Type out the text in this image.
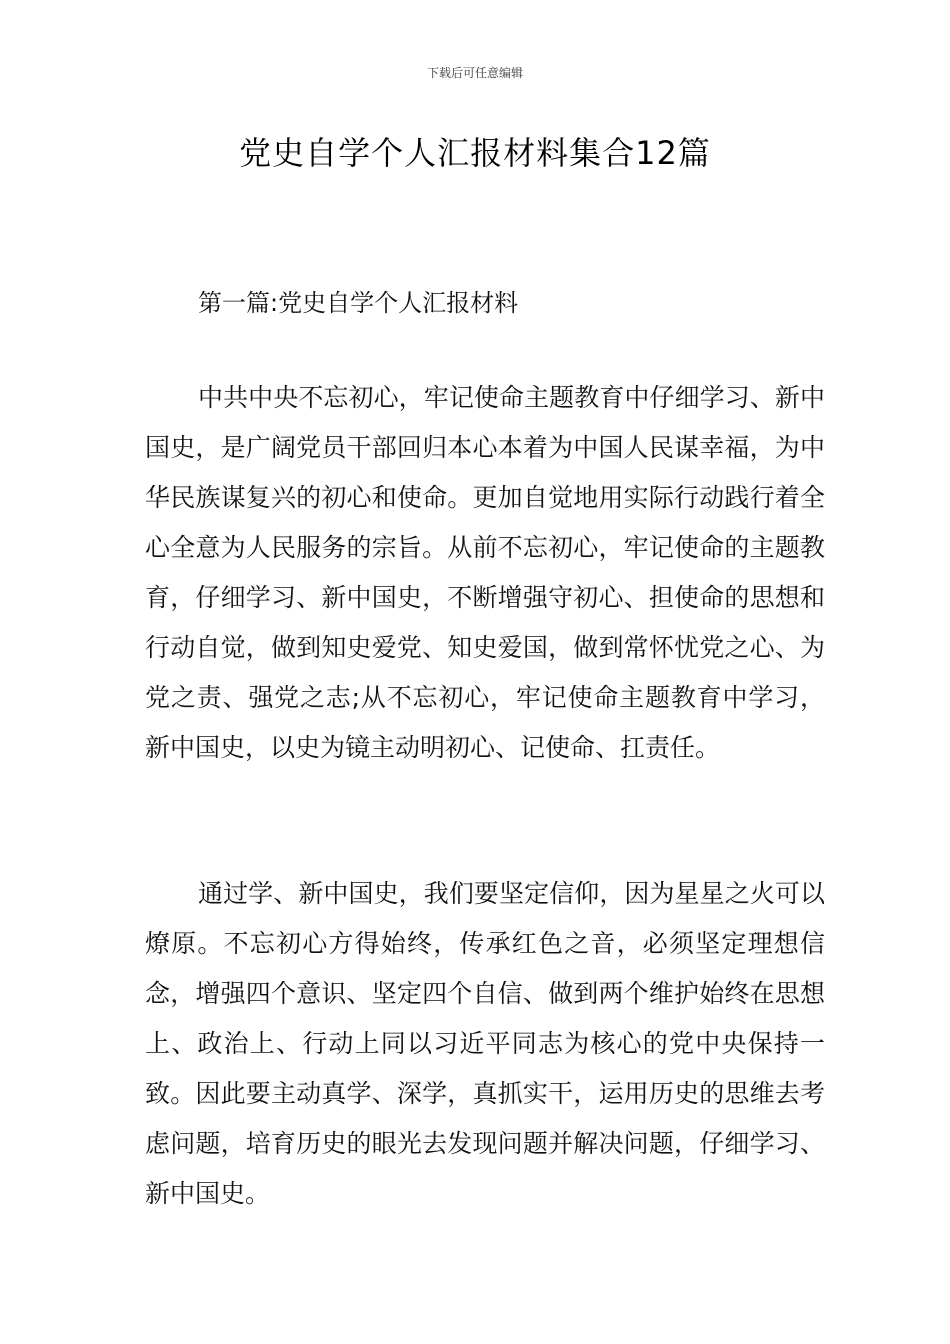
下载后可任意编辑
党史自学个人汇报材料集合12篇
第一篇:党史自学个人汇报材料

中共中央不忘初心，牢记使命主题教育中仔细学习、新中国史，是广阔党员干部回归本心本着为中国人民谋幸福，为中华民族谋复兴的初心和使命。更加自觉地用实际行动践行着全心全意为人民服务的宗旨。从前不忘初心，牢记使命的主题教育，仔细学习、新中国史，不断增强守初心、担使命的思想和行动自觉，做到知史爱党、知史爱国，做到常怀忧党之心、为党之责、强党之志;从不忘初心，牢记使命主题教育中学习，新中国史，以史为镜主动明初心、记使命、扛责任。

通过学、新中国史，我们要坚定信仰，因为星星之火可以燎原。不忘初心方得始终，传承红色之音，必须坚定理想信念，增强四个意识、坚定四个自信、做到两个维护始终在思想上、政治上、行动上同以习近平同志为核心的党中央保持一致。因此要主动真学、深学，真抓实干，运用历史的思维去考虑问题，培育历史的眼光去发现问题并解决问题，仔细学习、新中国史。
